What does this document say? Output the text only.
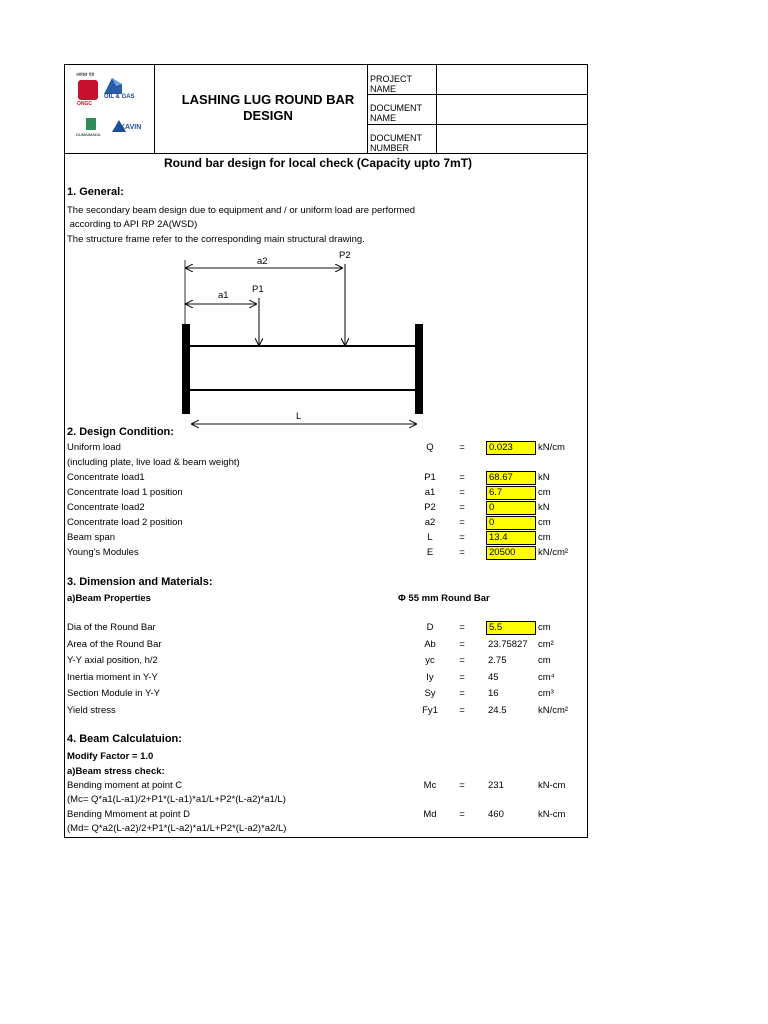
आयल एंड
ONGC
OIL & GAS
DUMAIMADA
KAVIN
LASHING LUG ROUND BAR
DESIGN
PROJECT
NAME
DOCUMENT
NAME
DOCUMENT
NUMBER
Round bar design for local check (Capacity upto 7mT)
1. General:
The secondary beam design due to equipment and / or uniform load are performed
according to API RP 2A(WSD)
The structure frame refer to the corresponding main structural drawing.
a2
P2
a1
P1
L
2. Design Condition:
Uniform load	Q	=	0.023	kN/cm
(including plate, live load & beam weight)
Concentrate load1	P1	=	68.67	kN
Concentrate load 1 position	a1	=	6.7	cm
Concentrate load2	P2	=	0	kN
Concentrate load 2 position	a2	=	0	cm
Beam span	L	=	13.4	cm
Young's Modules	E	=	20500	kN/cm²
3. Dimension and Materials:
a)Beam Properties	Φ 55 mm Round Bar
Dia of the Round Bar	D	=	5.5	cm
Area of the Round Bar	Ab	=	23.75827 cm²
Y-Y axial position, h/2	yc	=	2.75	cm
Inertia moment in Y-Y	Iy	=	45	cm⁴
Section Module in Y-Y	Sy	=	16	cm³
Yield stress	Fy1	=	24.5	kN/cm²
4. Beam Calculatuion:
Modify Factor = 1.0
a)Beam stress check:
Bending moment at point C	Mc	=	231	kN-cm
(Mc= Q*a1(L-a1)/2+P1*(L-a1)*a1/L+P2*(L-a2)*a1/L)
Bending Mmoment at point D	Md	=	460	kN-cm
(Md= Q*a2(L-a2)/2+P1*(L-a2)*a1/L+P2*(L-a2)*a2/L)
